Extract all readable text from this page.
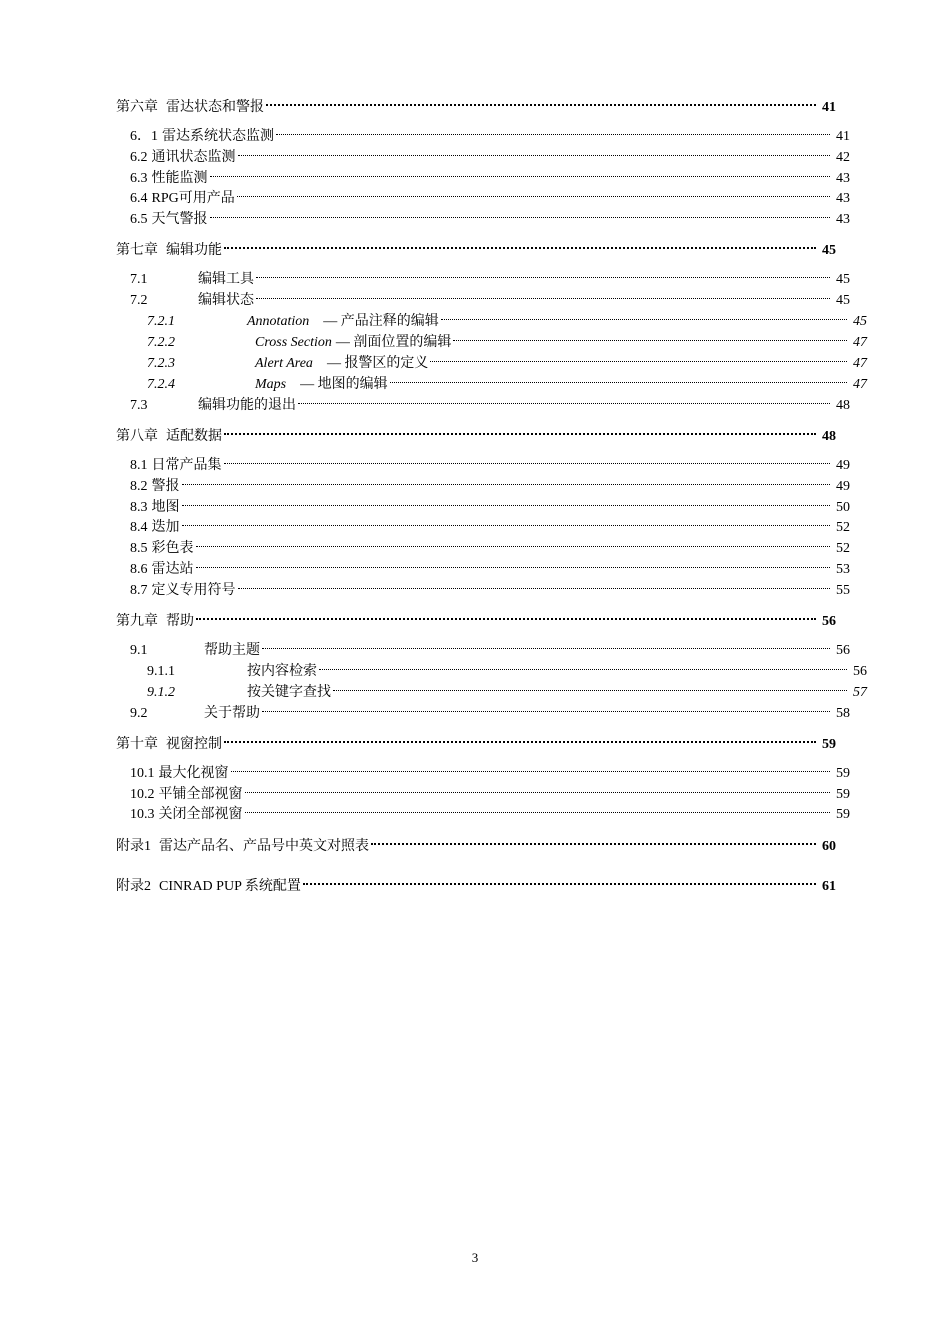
第六章 雷达状态和警报	41
6．1 雷达系统状态监测	41
6.2 通讯状态监测	42
6.3 性能监测	43
6.4 RPG可用产品	43
6.5 天气警报	43
第七章 编辑功能	45
7.1	编辑工具	45
7.2	编辑状态	45
7.2.1	Annotation — 产品注释的编辑	45
7.2.2	Cross Section — 剖面位置的编辑	47
7.2.3	Alert Area — 报警区的定义	47
7.2.4	Maps — 地图的编辑	47
7.3	编辑功能的退出	48
第八章 适配数据	48
8.1 日常产品集	49
8.2 警报	49
8.3 地图	50
8.4 迭加	52
8.5 彩色表	52
8.6 雷达站	53
8.7 定义专用符号	55
第九章 帮助	56
9.1	帮助主题	56
9.1.1	按内容检索	56
9.1.2	按关键字查找	57
9.2	关于帮助	58
第十章 视窗控制	59
10.1 最大化视窗	59
10.2 平铺全部视窗	59
10.3 关闭全部视窗	59
附录1 雷达产品名、产品号中英文对照表	60
附录2 CINRAD PUP 系统配置	61
3
